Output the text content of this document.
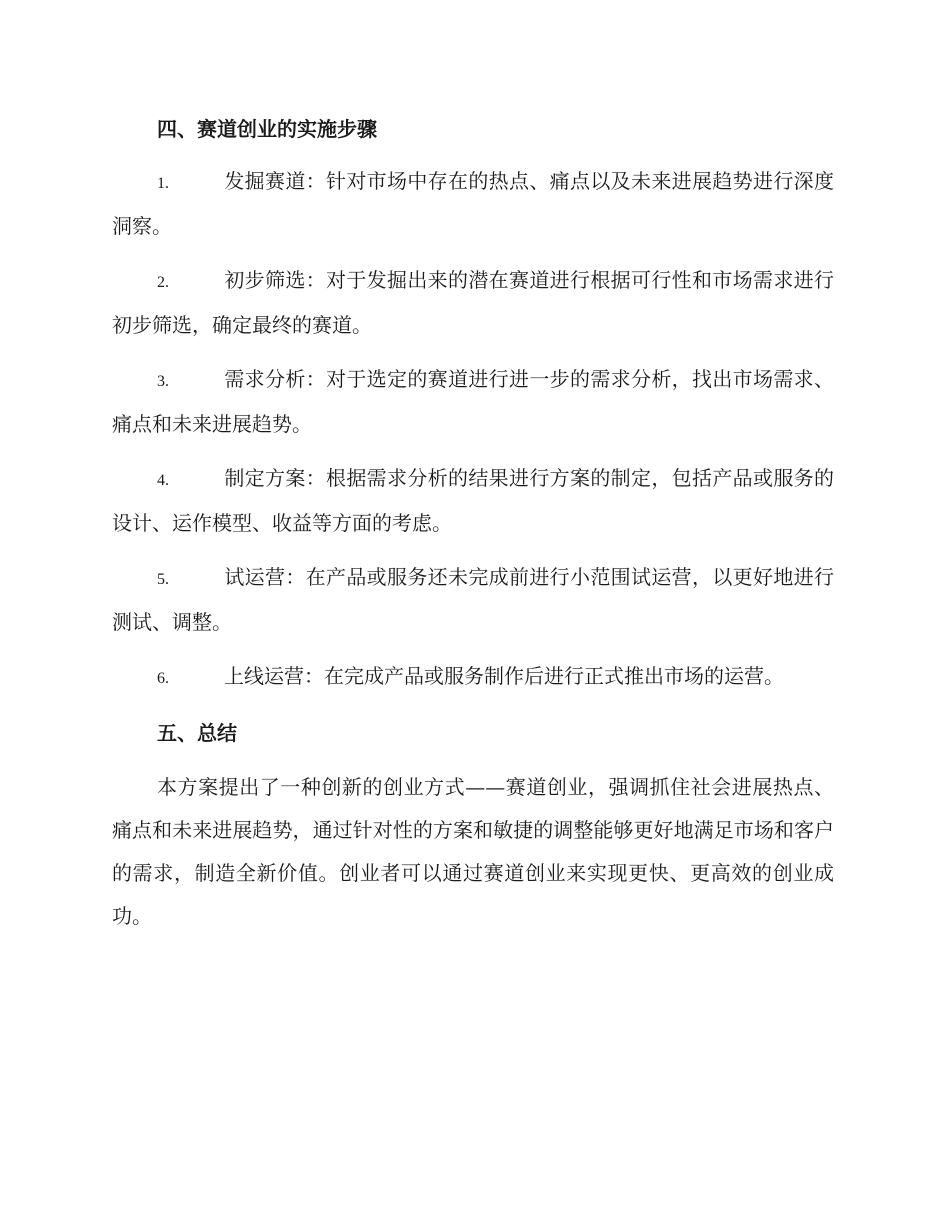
四、赛道创业的实施步骤

1.	发掘赛道：针对市场中存在的热点、痛点以及未来进展趋势进行深度洞察。

2.	初步筛选：对于发掘出来的潜在赛道进行根据可行性和市场需求进行初步筛选，确定最终的赛道。

3.	需求分析：对于选定的赛道进行进一步的需求分析，找出市场需求、痛点和未来进展趋势。

4.	制定方案：根据需求分析的结果进行方案的制定，包括产品或服务的设计、运作模型、收益等方面的考虑。

5.	试运营：在产品或服务还未完成前进行小范围试运营，以更好地进行测试、调整。

6.	上线运营：在完成产品或服务制作后进行正式推出市场的运营。

五、总结

本方案提出了一种创新的创业方式——赛道创业，强调抓住社会进展热点、痛点和未来进展趋势，通过针对性的方案和敏捷的调整能够更好地满足市场和客户的需求，制造全新价值。创业者可以通过赛道创业来实现更快、更高效的创业成功。
